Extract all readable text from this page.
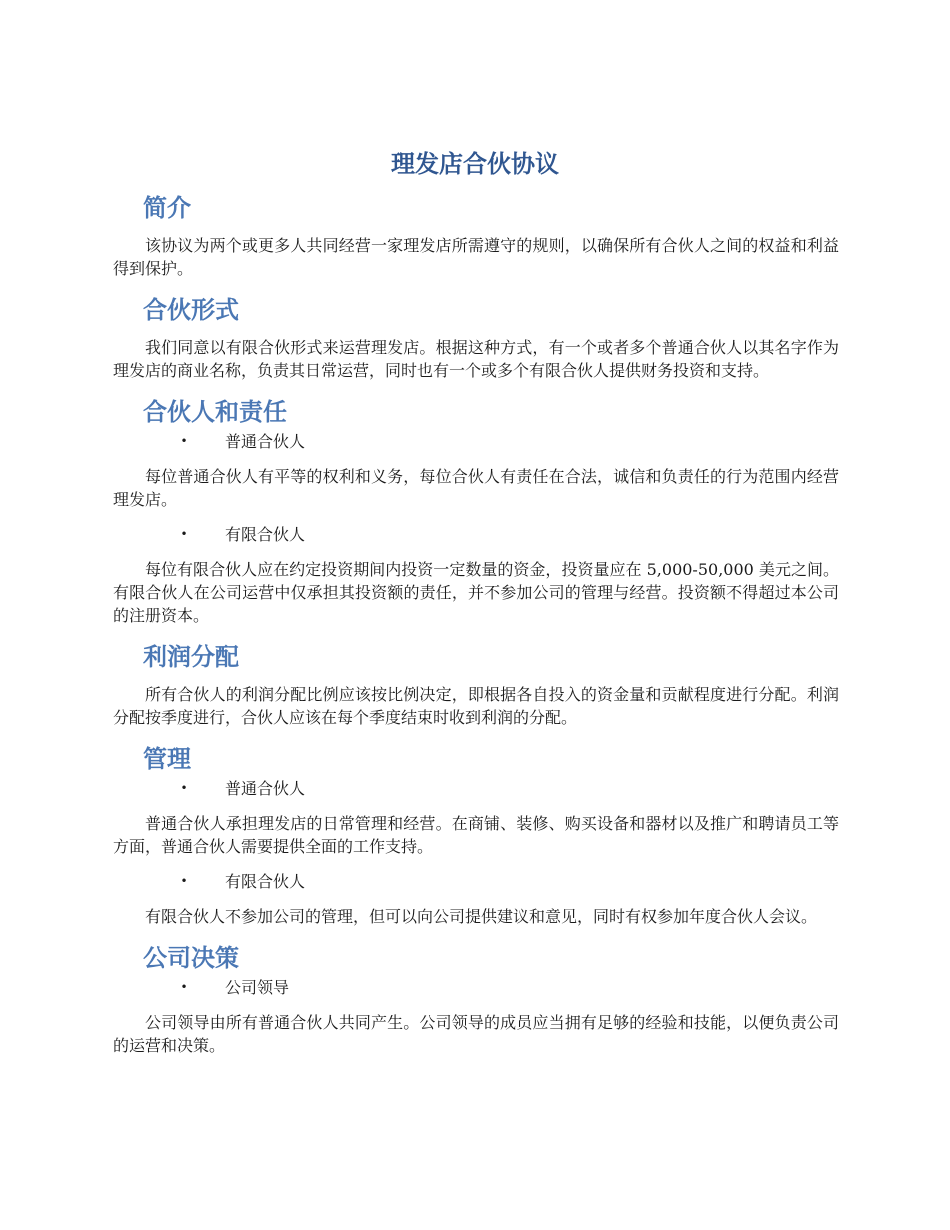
理发店合伙协议
简介

该协议为两个或更多人共同经营一家理发店所需遵守的规则，以确保所有合伙人之间的权益和利益得到保护。

合伙形式

我们同意以有限合伙形式来运营理发店。根据这种方式，有一个或者多个普通合伙人以其名字作为理发店的商业名称，负责其日常运营，同时也有一个或多个有限合伙人提供财务投资和支持。

合伙人和责任
• 普通合伙人

每位普通合伙人有平等的权利和义务，每位合伙人有责任在合法，诚信和负责任的行为范围内经营理发店。

• 有限合伙人

每位有限合伙人应在约定投资期间内投资一定数量的资金，投资量应在 5,000-50,000 美元之间。有限合伙人在公司运营中仅承担其投资额的责任，并不参加公司的管理与经营。投资额不得超过本公司的注册资本。

利润分配

所有合伙人的利润分配比例应该按比例决定，即根据各自投入的资金量和贡献程度进行分配。利润分配按季度进行，合伙人应该在每个季度结束时收到利润的分配。

管理
• 普通合伙人

普通合伙人承担理发店的日常管理和经营。在商铺、装修、购买设备和器材以及推广和聘请员工等方面，普通合伙人需要提供全面的工作支持。

• 有限合伙人

有限合伙人不参加公司的管理，但可以向公司提供建议和意见，同时有权参加年度合伙人会议。

公司决策
• 公司领导

公司领导由所有普通合伙人共同产生。公司领导的成员应当拥有足够的经验和技能，以便负责公司的运营和决策。
